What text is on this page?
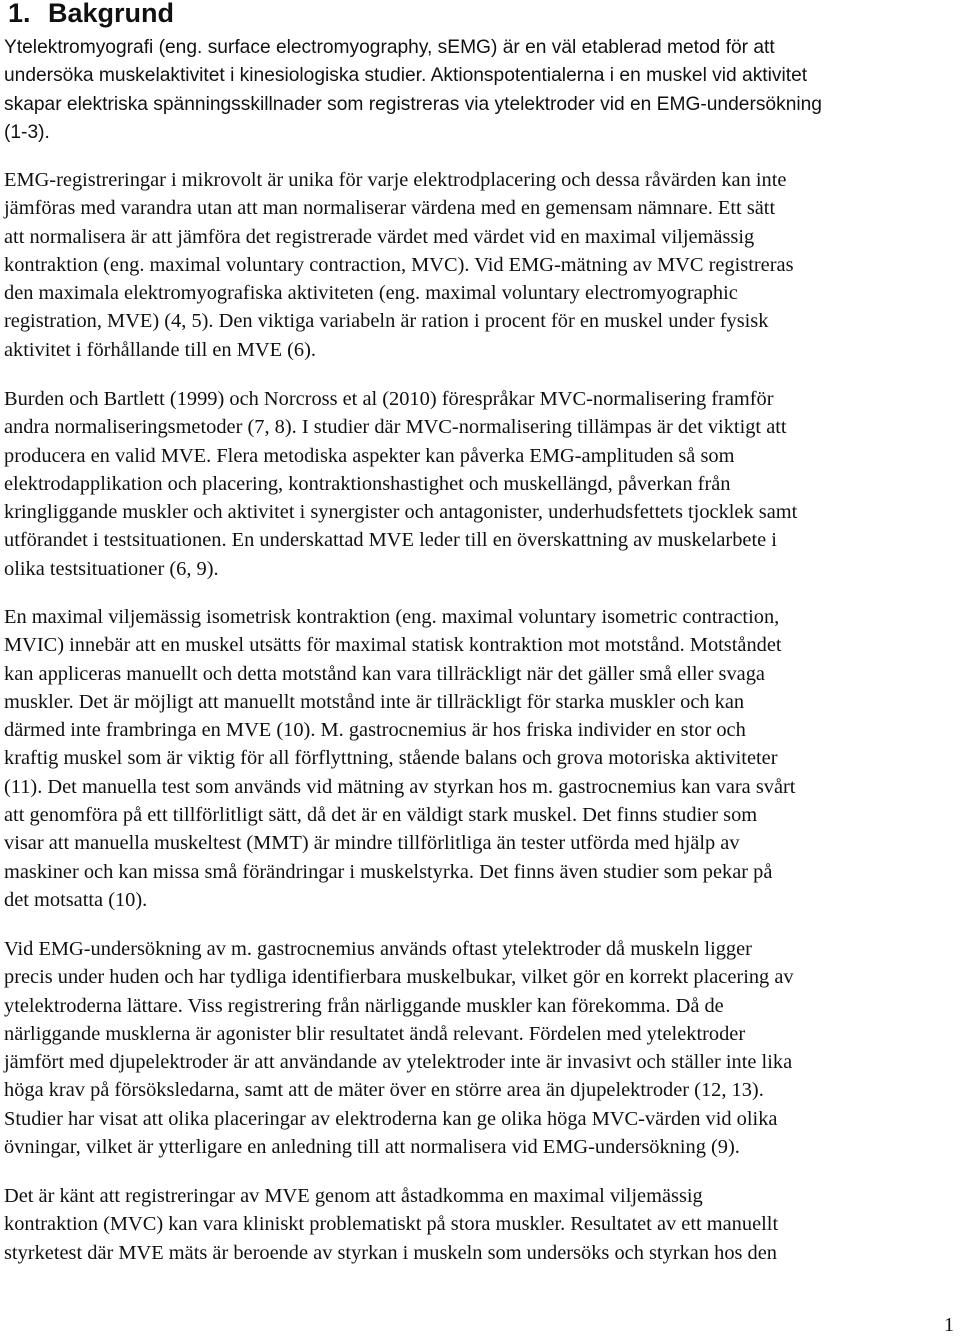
1. Bakgrund

Ytelektromyografi (eng. surface electromyography, sEMG) är en väl etablerad metod för att
undersöka muskelaktivitet i kinesiologiska studier. Aktionspotentialerna i en muskel vid aktivitet
skapar elektriska spänningsskillnader som registreras via ytelektroder vid en EMG-undersökning
(1-3).

EMG-registreringar i mikrovolt är unika för varje elektrodplacering och dessa råvärden kan inte
jämföras med varandra utan att man normaliserar värdena med en gemensam nämnare. Ett sätt
att normalisera är att jämföra det registrerade värdet med värdet vid en maximal viljemässig
kontraktion (eng. maximal voluntary contraction, MVC). Vid EMG-mätning av MVC registreras
den maximala elektromyografiska aktiviteten (eng. maximal voluntary electromyographic
registration, MVE) (4, 5). Den viktiga variabeln är ration i procent för en muskel under fysisk
aktivitet i förhållande till en MVE (6).

Burden och Bartlett (1999) och Norcross et al (2010) förespråkar MVC-normalisering framför
andra normaliseringsmetoder (7, 8). I studier där MVC-normalisering tillämpas är det viktigt att
producera en valid MVE. Flera metodiska aspekter kan påverka EMG-amplituden så som
elektrodapplikation och placering, kontraktionshastighet och muskellängd, påverkan från
kringliggande muskler och aktivitet i synergister och antagonister, underhudsfettets tjocklek samt
utförandet i testsituationen. En underskattad MVE leder till en överskattning av muskelarbete i
olika testsituationer (6, 9).

En maximal viljemässig isometrisk kontraktion (eng. maximal voluntary isometric contraction,
MVIC) innebär att en muskel utsätts för maximal statisk kontraktion mot motstånd. Motståndet
kan appliceras manuellt och detta motstånd kan vara tillräckligt när det gäller små eller svaga
muskler. Det är möjligt att manuellt motstånd inte är tillräckligt för starka muskler och kan
därmed inte frambringa en MVE (10). M. gastrocnemius är hos friska individer en stor och
kraftig muskel som är viktig för all förflyttning, stående balans och grova motoriska aktiviteter
(11). Det manuella test som används vid mätning av styrkan hos m. gastrocnemius kan vara svårt
att genomföra på ett tillförlitligt sätt, då det är en väldigt stark muskel. Det finns studier som
visar att manuella muskeltest (MMT) är mindre tillförlitliga än tester utförda med hjälp av
maskiner och kan missa små förändringar i muskelstyrka. Det finns även studier som pekar på
det motsatta (10).

Vid EMG-undersökning av m. gastrocnemius används oftast ytelektroder då muskeln ligger
precis under huden och har tydliga identifierbara muskelbukar, vilket gör en korrekt placering av
ytelektroderna lättare. Viss registrering från närliggande muskler kan förekomma. Då de
närliggande musklerna är agonister blir resultatet ändå relevant. Fördelen med ytelektroder
jämfört med djupelektroder är att användande av ytelektroder inte är invasivt och ställer inte lika
höga krav på försöksledarna, samt att de mäter över en större area än djupelektroder (12, 13).
Studier har visat att olika placeringar av elektroderna kan ge olika höga MVC-värden vid olika
övningar, vilket är ytterligare en anledning till att normalisera vid EMG-undersökning (9).

Det är känt att registreringar av MVE genom att åstadkomma en maximal viljemässig
kontraktion (MVC) kan vara kliniskt problematiskt på stora muskler. Resultatet av ett manuellt
styrketest där MVE mäts är beroende av styrkan i muskeln som undersöks och styrkan hos den

1
